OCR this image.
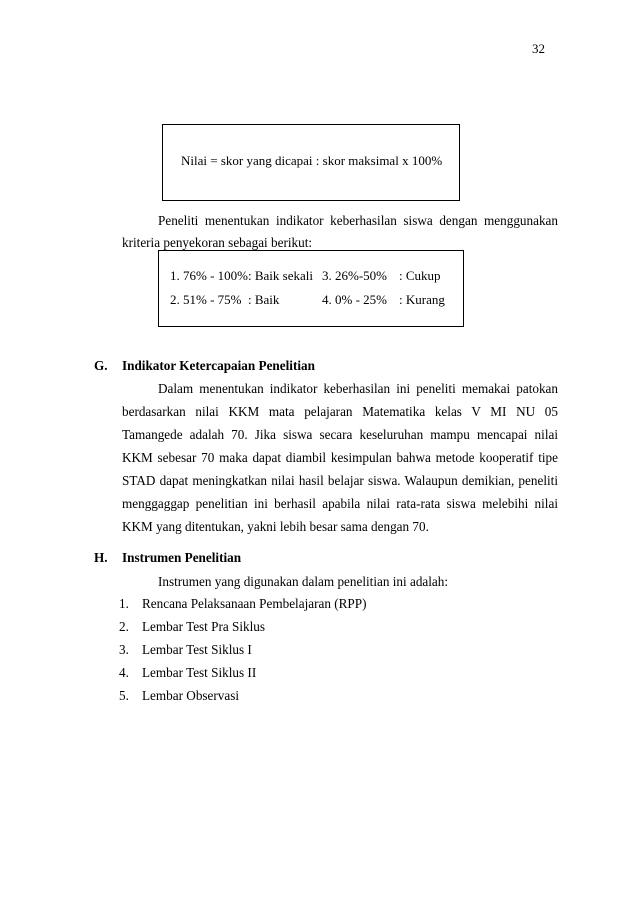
32
Nilai = skor yang dicapai : skor maksimal x 100%
Peneliti menentukan indikator keberhasilan siswa dengan menggunakan
kriteria penyekoran sebagai berikut:
1. 76% - 100%: Baik sekali 3. 26%-50% : Cukup
2. 51% - 75%  : Baik	4. 0% - 25% : Kurang
G. Indikator Ketercapaian Penelitian
Dalam menentukan indikator keberhasilan ini peneliti memakai patokan
berdasarkan nilai KKM mata pelajaran Matematika kelas V MI NU 05
Tamangede adalah 70. Jika siswa secara keseluruhan mampu mencapai nilai
KKM sebesar 70 maka dapat diambil kesimpulan bahwa metode kooperatif tipe
STAD dapat meningkatkan nilai hasil belajar siswa. Walaupun demikian, peneliti
menggaggap penelitian ini berhasil apabila nilai rata-rata siswa melebihi nilai
KKM yang ditentukan, yakni lebih besar sama dengan 70.
H. Instrumen Penelitian
Instrumen yang digunakan dalam penelitian ini adalah:
1. Rencana Pelaksanaan Pembelajaran (RPP)
2. Lembar Test Pra Siklus
3. Lembar Test Siklus I
4. Lembar Test Siklus II
5. Lembar Observasi
